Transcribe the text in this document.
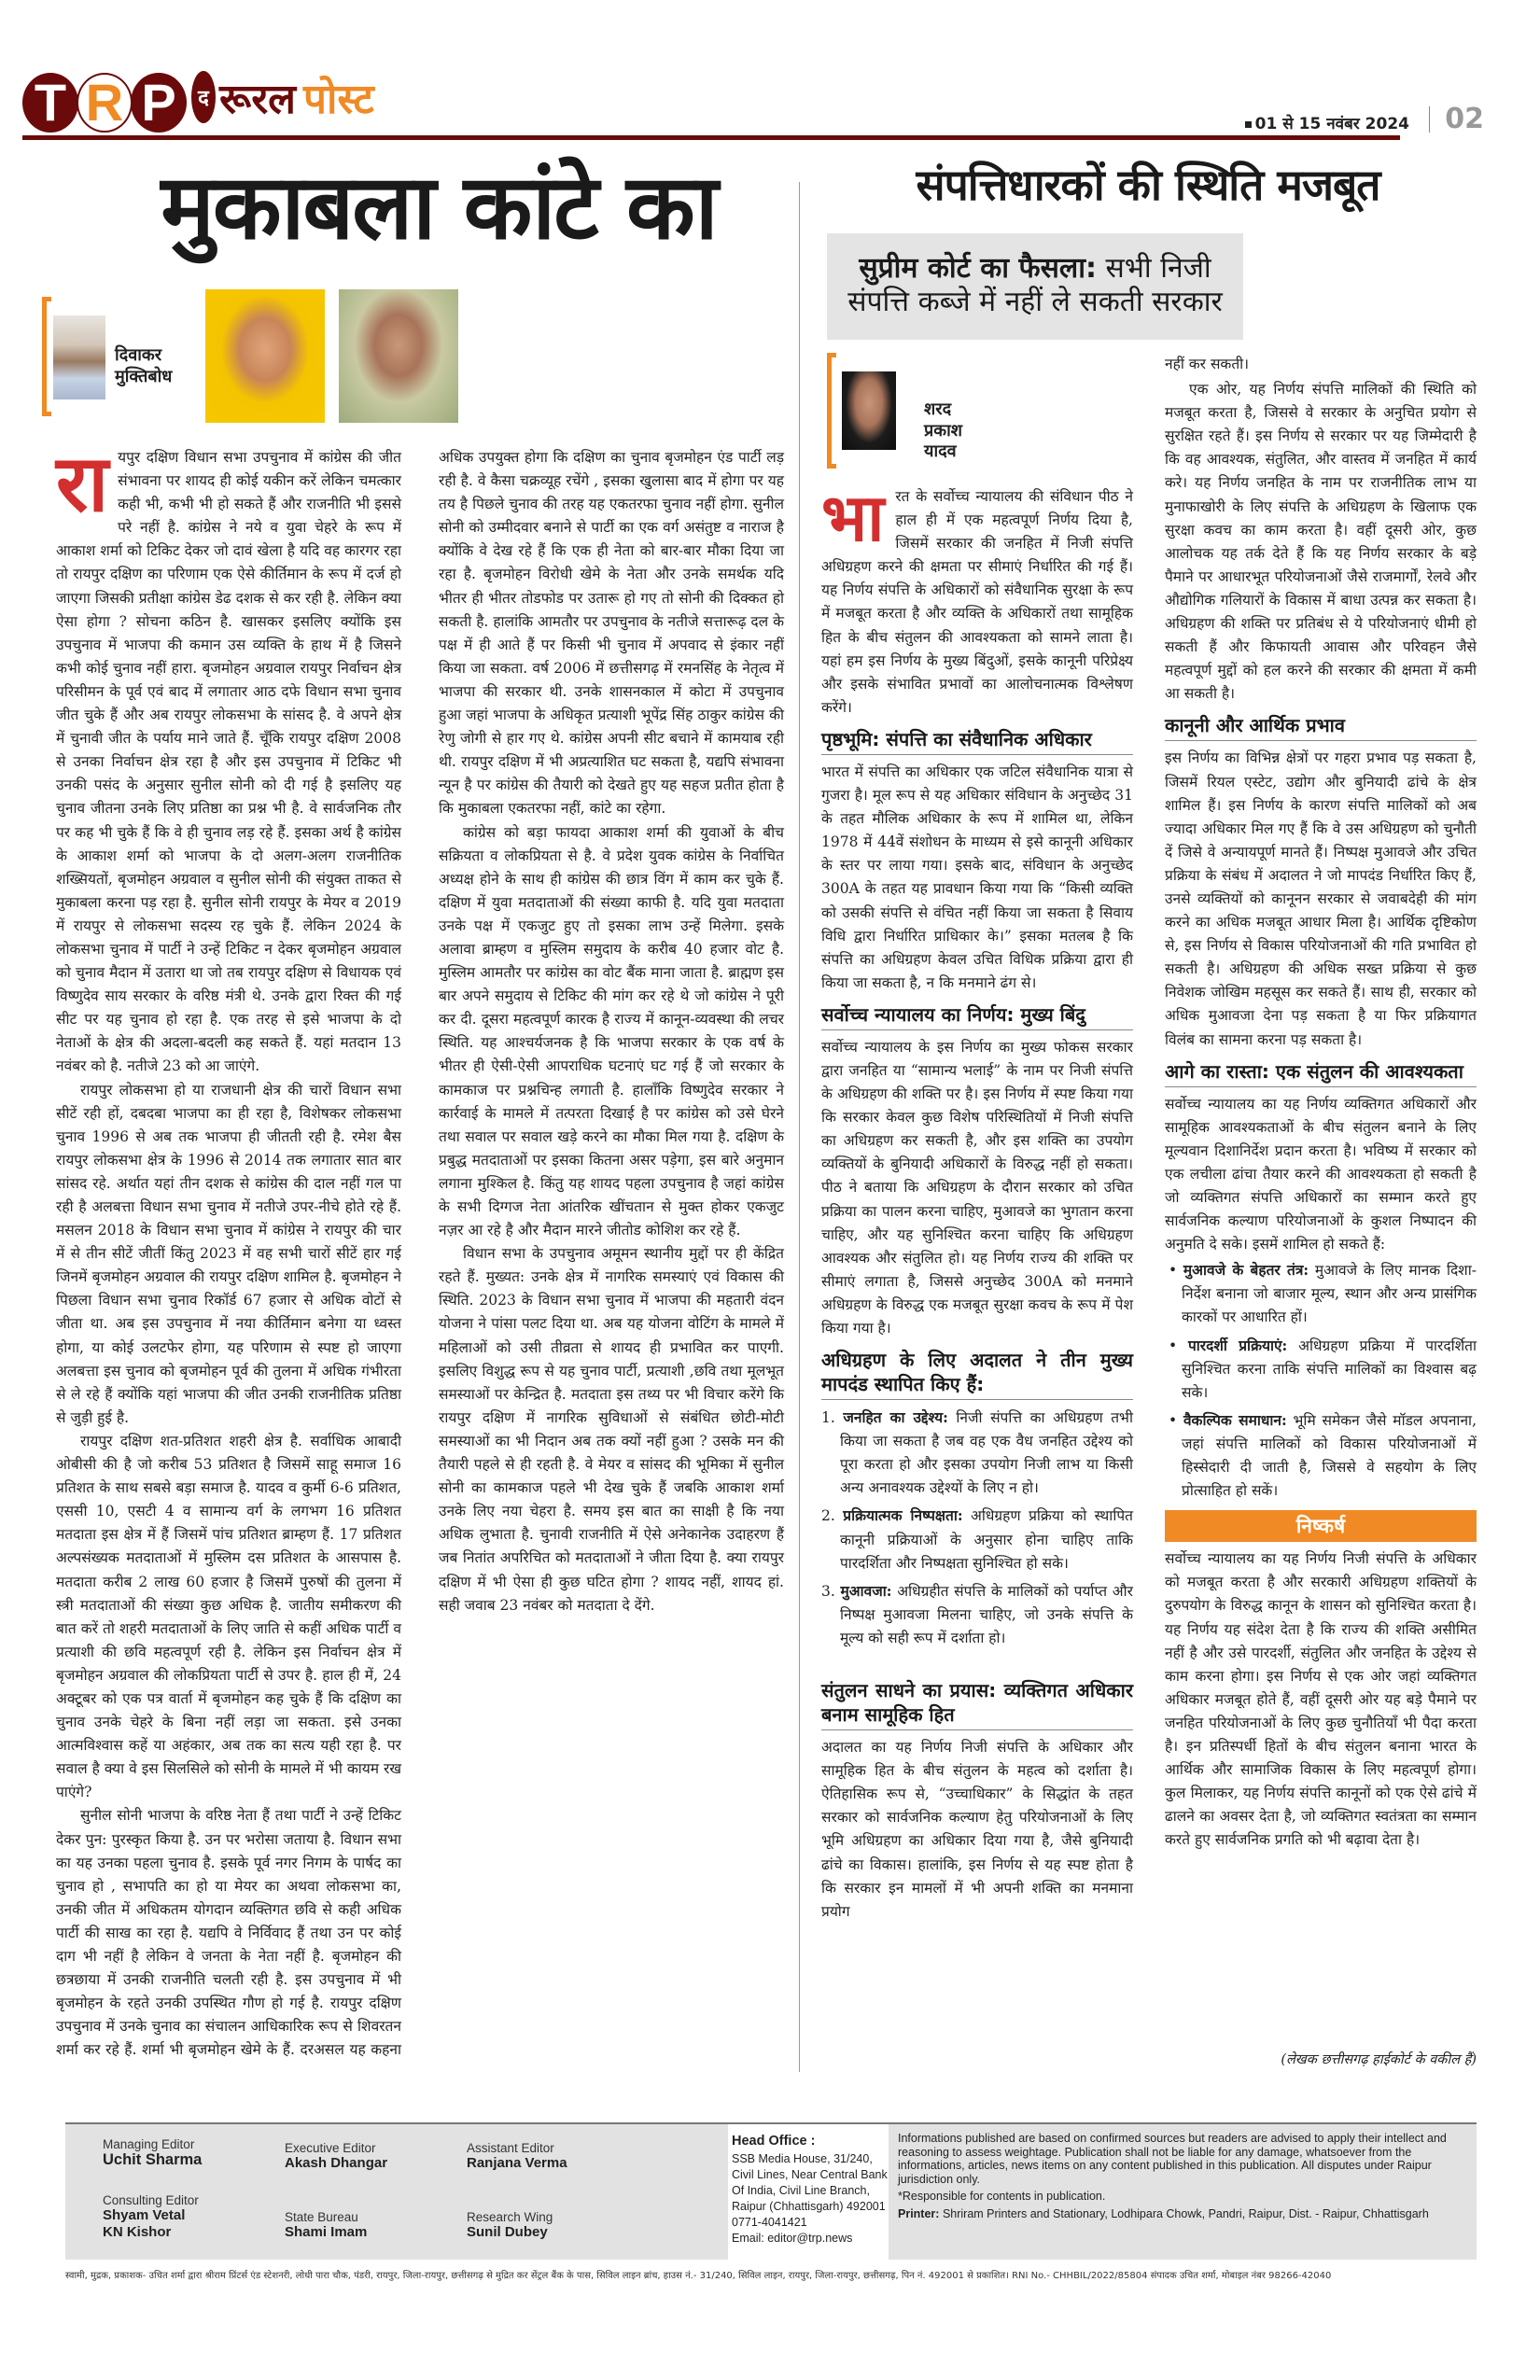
T R P	द रूरल पोस्ट
01 से 15 नवंबर 2024 02
मुकाबला कांटे का
दिवाकर
मुक्तिबोध

रायपुर दक्षिण विधान सभा उपचुनाव में कांग्रेस की जीत संभावना पर शायद ही कोई यकीन करें लेकिन चमत्कार कही भी, कभी भी हो सकते हैं और राजनीति भी इससे परे नहीं है. कांग्रेस ने नये व युवा चेहरे के रूप में आकाश शर्मा को टिकिट देकर जो दावं खेला है यदि वह कारगर रहा तो रायपुर दक्षिण का परिणाम एक ऐसे कीर्तिमान के रूप में दर्ज हो जाएगा जिसकी प्रतीक्षा कांग्रेस डेढ दशक से कर रही है. लेकिन क्या ऐसा होगा ? सोचना कठिन है. खासकर इसलिए क्योंकि इस उपचुनाव में भाजपा की कमान उस व्यक्ति के हाथ में है जिसने कभी कोई चुनाव नहीं हारा. बृजमोहन अग्रवाल रायपुर निर्वाचन क्षेत्र परिसीमन के पूर्व एवं बाद में लगातार आठ दफे विधान सभा चुनाव जीत चुके हैं और अब रायपुर लोकसभा के सांसद है. वे अपने क्षेत्र में चुनावी जीत के पर्याय माने जाते हैं. चूँकि रायपुर दक्षिण 2008 से उनका निर्वाचन क्षेत्र रहा है और इस उपचुनाव में टिकिट भी उनकी पसंद के अनुसार सुनील सोनी को दी गई है इसलिए यह चुनाव जीतना उनके लिए प्रतिष्ठा का प्रश्न भी है. वे सार्वजनिक तौर पर कह भी चुके हैं कि वे ही चुनाव लड़ रहे हैं. इसका अर्थ है कांग्रेस के आकाश शर्मा को भाजपा के दो अलग-अलग राजनीतिक शख्सियतों, बृजमोहन अग्रवाल व सुनील सोनी की संयुक्त ताकत से मुकाबला करना पड़ रहा है. सुनील सोनी रायपुर के मेयर व 2019 में रायपुर से लोकसभा सदस्य रह चुके हैं. लेकिन 2024 के लोकसभा चुनाव में पार्टी ने उन्हें टिकिट न देकर बृजमोहन अग्रवाल को चुनाव मैदान में उतारा था जो तब रायपुर दक्षिण से विधायक एवं विष्णुदेव साय सरकार के वरिष्ठ मंत्री थे. उनके द्वारा रिक्त की गई सीट पर यह चुनाव हो रहा है. एक तरह से इसे भाजपा के दो नेताओं के क्षेत्र की अदला-बदली कह सकते हैं. यहां मतदान 13 नवंबर को है. नतीजे 23 को आ जाएंगे.

रायपुर लोकसभा हो या राजधानी क्षेत्र की चारों विधान सभा सीटें रही हों, दबदबा भाजपा का ही रहा है, विशेषकर लोकसभा चुनाव 1996 से अब तक भाजपा ही जीतती रही है. रमेश बैस रायपुर लोकसभा क्षेत्र के 1996 से 2014 तक लगातार सात बार सांसद रहे. अर्थात यहां तीन दशक से कांग्रेस की दाल नहीं गल पा रही है अलबत्ता विधान सभा चुनाव में नतीजे उपर-नीचे होते रहे हैं. मसलन 2018 के विधान सभा चुनाव में कांग्रेस ने रायपुर की चार में से तीन सीटें जीतीं किंतु 2023 में वह सभी चारों सीटें हार गई जिनमें बृजमोहन अग्रवाल की रायपुर दक्षिण शामिल है. बृजमोहन ने पिछला विधान सभा चुनाव रिकॉर्ड 67 हजार से अधिक वोटों से जीता था. अब इस उपचुनाव में नया कीर्तिमान बनेगा या ध्वस्त होगा, या कोई उलटफेर होगा, यह परिणाम से स्पष्ट हो जाएगा अलबत्ता इस चुनाव को बृजमोहन पूर्व की तुलना में अधिक गंभीरता से ले रहे हैं क्योंकि यहां भाजपा की जीत उनकी राजनीतिक प्रतिष्ठा से जुड़ी हुई है.

रायपुर दक्षिण शत-प्रतिशत शहरी क्षेत्र है. सर्वाधिक आबादी ओबीसी की है जो करीब 53 प्रतिशत है जिसमें साहू समाज 16 प्रतिशत के साथ सबसे बड़ा समाज है. यादव व कुर्मी 6-6 प्रतिशत, एससी 10, एसटी 4 व सामान्य वर्ग के लगभग 16 प्रतिशत मतदाता इस क्षेत्र में हैं जिसमें पांच प्रतिशत ब्राम्हण हैं. 17 प्रतिशत अल्पसंख्यक मतदाताओं में मुस्लिम दस प्रतिशत के आसपास है. मतदाता करीब 2 लाख 60 हजार है जिसमें पुरुषों की तुलना में स्त्री मतदाताओं की संख्या कुछ अधिक है. जातीय समीकरण की बात करें तो शहरी मतदाताओं के लिए जाति से कहीं अधिक पार्टी व प्रत्याशी की छवि महत्वपूर्ण रही है. लेकिन इस निर्वाचन क्षेत्र में बृजमोहन अग्रवाल की लोकप्रियता पार्टी से उपर है. हाल ही में, 24 अक्टूबर को एक पत्र वार्ता में बृजमोहन कह चुके हैं कि दक्षिण का चुनाव उनके चेहरे के बिना नहीं लड़ा जा सकता. इसे उनका आत्मविश्वास कहें या अहंकार, अब तक का सत्य यही रहा है. पर सवाल है क्या वे इस सिलसिले को सोनी के मामले में भी कायम रख पाएंगे?

सुनील सोनी भाजपा के वरिष्ठ नेता हैं तथा पार्टी ने उन्हें टिकिट देकर पुन: पुरस्कृत किया है. उन पर भरोसा जताया है. विधान सभा का यह उनका पहला चुनाव है. इसके पूर्व नगर निगम के पार्षद का चुनाव हो , सभापति का हो या मेयर का अथवा लोकसभा का, उनकी जीत में अधिकतम योगदान व्यक्तिगत छवि से कही अधिक पार्टी की साख का रहा है. यद्यपि वे निर्विवाद हैं तथा उन पर कोई दाग भी नहीं है लेकिन वे जनता के नेता नहीं है. बृजमोहन की छत्रछाया में उनकी राजनीति चलती रही है. इस उपचुनाव में भी बृजमोहन के रहते उनकी उपस्थित गौण हो गई है. रायपुर दक्षिण उपचुनाव में उनके चुनाव का संचालन आधिकारिक रूप से शिवरतन शर्मा कर रहे हैं. शर्मा भी बृजमोहन खेमे के हैं. दरअसल यह कहना अधिक उपयुक्त होगा कि दक्षिण का चुनाव बृजमोहन एंड पार्टी लड़ रही है. वे कैसा चक्रव्यूह रचेंगे , इसका खुलासा बाद में होगा पर यह तय है पिछले चुनाव की तरह यह एकतरफा चुनाव नहीं होगा. सुनील सोनी को उम्मीदवार बनाने से पार्टी का एक वर्ग असंतुष्ट व नाराज है क्योंकि वे देख रहे हैं कि एक ही नेता को बार-बार मौका दिया जा रहा है. बृजमोहन विरोधी खेमे के नेता और उनके समर्थक यदि भीतर ही भीतर तोडफोड पर उतारू हो गए तो सोनी की दिक्कत हो सकती है. हालांकि आमतौर पर उपचुनाव के नतीजे सत्तारूढ़ दल के पक्ष में ही आते हैं पर किसी भी चुनाव में अपवाद से इंकार नहीं किया जा सकता. वर्ष 2006 में छत्तीसगढ़ में रमनसिंह के नेतृत्व में भाजपा की सरकार थी. उनके शासनकाल में कोटा में उपचुनाव हुआ जहां भाजपा के अधिकृत प्रत्याशी भूपेंद्र सिंह ठाकुर कांग्रेस की रेणु जोगी से हार गए थे. कांग्रेस अपनी सीट बचाने में कामयाब रही थी. रायपुर दक्षिण में भी अप्रत्याशित घट सकता है, यद्यपि संभावना न्यून है पर कांग्रेस की तैयारी को देखते हुए यह सहज प्रतीत होता है कि मुकाबला एकतरफा नहीं, कांटे का रहेगा.

कांग्रेस को बड़ा फायदा आकाश शर्मा की युवाओं के बीच सक्रियता व लोकप्रियता से है. वे प्रदेश युवक कांग्रेस के निर्वाचित अध्यक्ष होने के साथ ही कांग्रेस की छात्र विंग में काम कर चुके हैं. दक्षिण में युवा मतदाताओं की संख्या काफी है. यदि युवा मतदाता उनके पक्ष में एकजुट हुए तो इसका लाभ उन्हें मिलेगा. इसके अलावा ब्राम्हण व मुस्लिम समुदाय के करीब 40 हजार वोट है. मुस्लिम आमतौर पर कांग्रेस का वोट बैंक माना जाता है. ब्राह्मण इस बार अपने समुदाय से टिकिट की मांग कर रहे थे जो कांग्रेस ने पूरी कर दी. दूसरा महत्वपूर्ण कारक है राज्य में कानून-व्यवस्था की लचर स्थिति. यह आश्चर्यजनक है कि भाजपा सरकार के एक वर्ष के भीतर ही ऐसी-ऐसी आपराधिक घटनाएं घट गई हैं जो सरकार के कामकाज पर प्रश्नचिन्ह लगाती है. हालाँकि विष्णुदेव सरकार ने कार्रवाई के मामले में तत्परता दिखाई है पर कांग्रेस को उसे घेरने तथा सवाल पर सवाल खड़े करने का मौका मिल गया है. दक्षिण के प्रबुद्ध मतदाताओं पर इसका कितना असर पड़ेगा, इस बारे अनुमान लगाना मुश्किल है. किंतु यह शायद पहला उपचुनाव है जहां कांग्रेस के सभी दिग्गज नेता आंतरिक खींचतान से मुक्त होकर एकजुट नज़र आ रहे है और मैदान मारने जीतोड कोशिश कर रहे हैं.

विधान सभा के उपचुनाव अमूमन स्थानीय मुद्दों पर ही केंद्रित रहते हैं. मुख्यत: उनके क्षेत्र में नागरिक समस्याएं एवं विकास की स्थिति. 2023 के विधान सभा चुनाव में भाजपा की महतारी वंदन योजना ने पांसा पलट दिया था. अब यह योजना वोटिंग के मामले में महिलाओं को उसी तीव्रता से शायद ही प्रभावित कर पाएगी. इसलिए विशुद्ध रूप से यह चुनाव पार्टी, प्रत्याशी ,छवि तथा मूलभूत समस्याओं पर केन्द्रित है. मतदाता इस तथ्य पर भी विचार करेंगे कि रायपुर दक्षिण में नागरिक सुविधाओं से संबंधित छोटी-मोटी समस्याओं का भी निदान अब तक क्यों नहीं हुआ ? उसके मन की तैयारी पहले से ही रहती है. वे मेयर व सांसद की भूमिका में सुनील सोनी का कामकाज पहले भी देख चुके हैं जबकि आकाश शर्मा उनके लिए नया चेहरा है. समय इस बात का साक्षी है कि नया अधिक लुभाता है. चुनावी राजनीति में ऐसे अनेकानेक उदाहरण हैं जब नितांत अपरिचित को मतदाताओं ने जीता दिया है. क्या रायपुर दक्षिण में भी ऐसा ही कुछ घटित होगा ? शायद नहीं, शायद हां. सही जवाब 23 नवंबर को मतदाता दे देंगे.

संपत्तिधारकों की स्थिति मजबूत
सुप्रीम कोर्ट का फैसला: सभी निजी संपत्ति कब्जे में नहीं ले सकती सरकार
शरद प्रकाश
यादव

भारत के सर्वोच्च न्यायालय की संविधान पीठ ने हाल ही में एक महत्वपूर्ण निर्णय दिया है, जिसमें सरकार की जनहित में निजी संपत्ति अधिग्रहण करने की क्षमता पर सीमाएं निर्धारित की गई हैं। यह निर्णय संपत्ति के अधिकारों को संवैधानिक सुरक्षा के रूप में मजबूत करता है और व्यक्ति के अधिकारों तथा सामूहिक हित के बीच संतुलन की आवश्यकता को सामने लाता है। यहां हम इस निर्णय के मुख्य बिंदुओं, इसके कानूनी परिप्रेक्ष्य और इसके संभावित प्रभावों का आलोचनात्मक विश्लेषण करेंगे।

पृष्ठभूमि: संपत्ति का संवैधानिक अधिकार

भारत में संपत्ति का अधिकार एक जटिल संवैधानिक यात्रा से गुजरा है। मूल रूप से यह अधिकार संविधान के अनुच्छेद 31 के तहत मौलिक अधिकार के रूप में शामिल था, लेकिन 1978 में 44वें संशोधन के माध्यम से इसे कानूनी अधिकार के स्तर पर लाया गया। इसके बाद, संविधान के अनुच्छेद 300A के तहत यह प्रावधान किया गया कि “किसी व्यक्ति को उसकी संपत्ति से वंचित नहीं किया जा सकता है सिवाय विधि द्वारा निर्धारित प्राधिकार के।” इसका मतलब है कि संपत्ति का अधिग्रहण केवल उचित विधिक प्रक्रिया द्वारा ही किया जा सकता है, न कि मनमाने ढंग से।

सर्वोच्च न्यायालय का निर्णय: मुख्य बिंदु

सर्वोच्च न्यायालय के इस निर्णय का मुख्य फोकस सरकार द्वारा जनहित या “सामान्य भलाई” के नाम पर निजी संपत्ति के अधिग्रहण की शक्ति पर है। इस निर्णय में स्पष्ट किया गया कि सरकार केवल कुछ विशेष परिस्थितियों में निजी संपत्ति का अधिग्रहण कर सकती है, और इस शक्ति का उपयोग व्यक्तियों के बुनियादी अधिकारों के विरुद्ध नहीं हो सकता। पीठ ने बताया कि अधिग्रहण के दौरान सरकार को उचित प्रक्रिया का पालन करना चाहिए, मुआवजे का भुगतान करना चाहिए, और यह सुनिश्चित करना चाहिए कि अधिग्रहण आवश्यक और संतुलित हो। यह निर्णय राज्य की शक्ति पर सीमाएं लगाता है, जिससे अनुच्छेद 300A को मनमाने अधिग्रहण के विरुद्ध एक मजबूत सुरक्षा कवच के रूप में पेश किया गया है।

अधिग्रहण के लिए अदालत ने तीन मुख्य मापदंड स्थापित किए हैं:
1. जनहित का उद्देश्य: निजी संपत्ति का अधिग्रहण तभी किया जा सकता है जब वह एक वैध जनहित उद्देश्य को पूरा करता हो और इसका उपयोग निजी लाभ या किसी अन्य अनावश्यक उद्देश्यों के लिए न हो।
2. प्रक्रियात्मक निष्पक्षता: अधिग्रहण प्रक्रिया को स्थापित कानूनी प्रक्रियाओं के अनुसार होना चाहिए ताकि पारदर्शिता और निष्पक्षता सुनिश्चित हो सके।
3. मुआवजा: अधिग्रहीत संपत्ति के मालिकों को पर्याप्त और निष्पक्ष मुआवजा मिलना चाहिए, जो उनके संपत्ति के मूल्य को सही रूप में दर्शाता हो।
संतुलन साधने का प्रयास: व्यक्तिगत अधिकार बनाम सामूहिक हित

अदालत का यह निर्णय निजी संपत्ति के अधिकार और सामूहिक हित के बीच संतुलन के महत्व को दर्शाता है। ऐतिहासिक रूप से, “उच्चाधिकार” के सिद्धांत के तहत सरकार को सार्वजनिक कल्याण हेतु परियोजनाओं के लिए भूमि अधिग्रहण का अधिकार दिया गया है, जैसे बुनियादी ढांचे का विकास। हालांकि, इस निर्णय से यह स्पष्ट होता है कि सरकार इन मामलों में भी अपनी शक्ति का मनमाना प्रयोग

नहीं कर सकती।

एक ओर, यह निर्णय संपत्ति मालिकों की स्थिति को मजबूत करता है, जिससे वे सरकार के अनुचित प्रयोग से सुरक्षित रहते हैं। इस निर्णय से सरकार पर यह जिम्मेदारी है कि वह आवश्यक, संतुलित, और वास्तव में जनहित में कार्य करे। यह निर्णय जनहित के नाम पर राजनीतिक लाभ या मुनाफाखोरी के लिए संपत्ति के अधिग्रहण के खिलाफ एक सुरक्षा कवच का काम करता है। वहीं दूसरी ओर, कुछ आलोचक यह तर्क देते हैं कि यह निर्णय सरकार के बड़े पैमाने पर आधारभूत परियोजनाओं जैसे राजमार्गों, रेलवे और औद्योगिक गलियारों के विकास में बाधा उत्पन्न कर सकता है। अधिग्रहण की शक्ति पर प्रतिबंध से ये परियोजनाएं धीमी हो सकती हैं और किफायती आवास और परिवहन जैसे महत्वपूर्ण मुद्दों को हल करने की सरकार की क्षमता में कमी आ सकती है।

कानूनी और आर्थिक प्रभाव

इस निर्णय का विभिन्न क्षेत्रों पर गहरा प्रभाव पड़ सकता है, जिसमें रियल एस्टेट, उद्योग और बुनियादी ढांचे के क्षेत्र शामिल हैं। इस निर्णय के कारण संपत्ति मालिकों को अब ज्यादा अधिकार मिल गए हैं कि वे उस अधिग्रहण को चुनौती दें जिसे वे अन्यायपूर्ण मानते हैं। निष्पक्ष मुआवजे और उचित प्रक्रिया के संबंध में अदालत ने जो मापदंड निर्धारित किए हैं, उनसे व्यक्तियों को कानूनन सरकार से जवाबदेही की मांग करने का अधिक मजबूत आधार मिला है। आर्थिक दृष्टिकोण से, इस निर्णय से विकास परियोजनाओं की गति प्रभावित हो सकती है। अधिग्रहण की अधिक सख्त प्रक्रिया से कुछ निवेशक जोखिम महसूस कर सकते हैं। साथ ही, सरकार को अधिक मुआवजा देना पड़ सकता है या फिर प्रक्रियागत विलंब का सामना करना पड़ सकता है।

आगे का रास्ता: एक संतुलन की आवश्यकता

सर्वोच्च न्यायालय का यह निर्णय व्यक्तिगत अधिकारों और सामूहिक आवश्यकताओं के बीच संतुलन बनाने के लिए मूल्यवान दिशानिर्देश प्रदान करता है। भविष्य में सरकार को एक लचीला ढांचा तैयार करने की आवश्यकता हो सकती है जो व्यक्तिगत संपत्ति अधिकारों का सम्मान करते हुए सार्वजनिक कल्याण परियोजनाओं के कुशल निष्पादन की अनुमति दे सके। इसमें शामिल हो सकते हैं:

• मुआवजे के बेहतर तंत्र: मुआवजे के लिए मानक दिशा-निर्देश बनाना जो बाजार मूल्य, स्थान और अन्य प्रासंगिक कारकों पर आधारित हों।
• पारदर्शी प्रक्रियाएं: अधिग्रहण प्रक्रिया में पारदर्शिता सुनिश्चित करना ताकि संपत्ति मालिकों का विश्वास बढ़ सके।
• वैकल्पिक समाधान: भूमि समेकन जैसे मॉडल अपनाना, जहां संपत्ति मालिकों को विकास परियोजनाओं में हिस्सेदारी दी जाती है, जिससे वे सहयोग के लिए प्रोत्साहित हो सकें।
निष्कर्ष

सर्वोच्च न्यायालय का यह निर्णय निजी संपत्ति के अधिकार को मजबूत करता है और सरकारी अधिग्रहण शक्तियों के दुरुपयोग के विरुद्ध कानून के शासन को सुनिश्चित करता है। यह निर्णय यह संदेश देता है कि राज्य की शक्ति असीमित नहीं है और उसे पारदर्शी, संतुलित और जनहित के उद्देश्य से काम करना होगा। इस निर्णय से एक ओर जहां व्यक्तिगत अधिकार मजबूत होते हैं, वहीं दूसरी ओर यह बड़े पैमाने पर जनहित परियोजनाओं के लिए कुछ चुनौतियाँ भी पैदा करता है। इन प्रतिस्पर्धी हितों के बीच संतुलन बनाना भारत के आर्थिक और सामाजिक विकास के लिए महत्वपूर्ण होगा। कुल मिलाकर, यह निर्णय संपत्ति कानूनों को एक ऐसे ढांचे में ढालने का अवसर देता है, जो व्यक्तिगत स्वतंत्रता का सम्मान करते हुए सार्वजनिक प्रगति को भी बढ़ावा देता है।

(लेखक छत्तीसगढ़ हाईकोर्ट के वकील हैं)
Managing Editor
Uchit Sharma
Executive Editor
Akash Dhangar
Assistant Editor
Ranjana Verma
Consulting Editor
Shyam Vetal
KN Kishor
State Bureau
Shami Imam
Research Wing
Sunil Dubey
Head Office :
SSB Media House, 31/240, Civil Lines, Near Central Bank Of India, Civil Line Branch, Raipur (Chhattisgarh) 492001
0771-4041421
Email: editor@trp.news

Informations published are based on confirmed sources but readers are advised to apply their intellect and reasoning to assess weightage. Publication shall not be liable for any damage, whatsoever from the informations, articles, news items on any content published in this publication. All disputes under Raipur jurisdiction only.

*Responsible for contents in publication.

Printer: Shriram Printers and Stationary, Lodhipara Chowk, Pandri, Raipur, Dist. - Raipur, Chhattisgarh

स्वामी, मुद्रक, प्रकाशक- उचित शर्मा द्वारा श्रीराम प्रिंटर्स एंड स्टेशनरी, लोधी पारा चौक, पंडरी, रायपुर, जिला-रायपुर, छत्तीसगढ़ से मुद्रित कर सेंट्रल बैंक के पास, सिविल लाइन ब्रांच, हाउस नं.- 31/240, सिविल लाइन, रायपुर, जिला-रायपुर, छत्तीसगढ़, पिन नं. 492001 से प्रकाशित। RNI No.- CHHBIL/2022/85804 संपादक उचित शर्मा, मोबाइल नंबर 98266-42040
